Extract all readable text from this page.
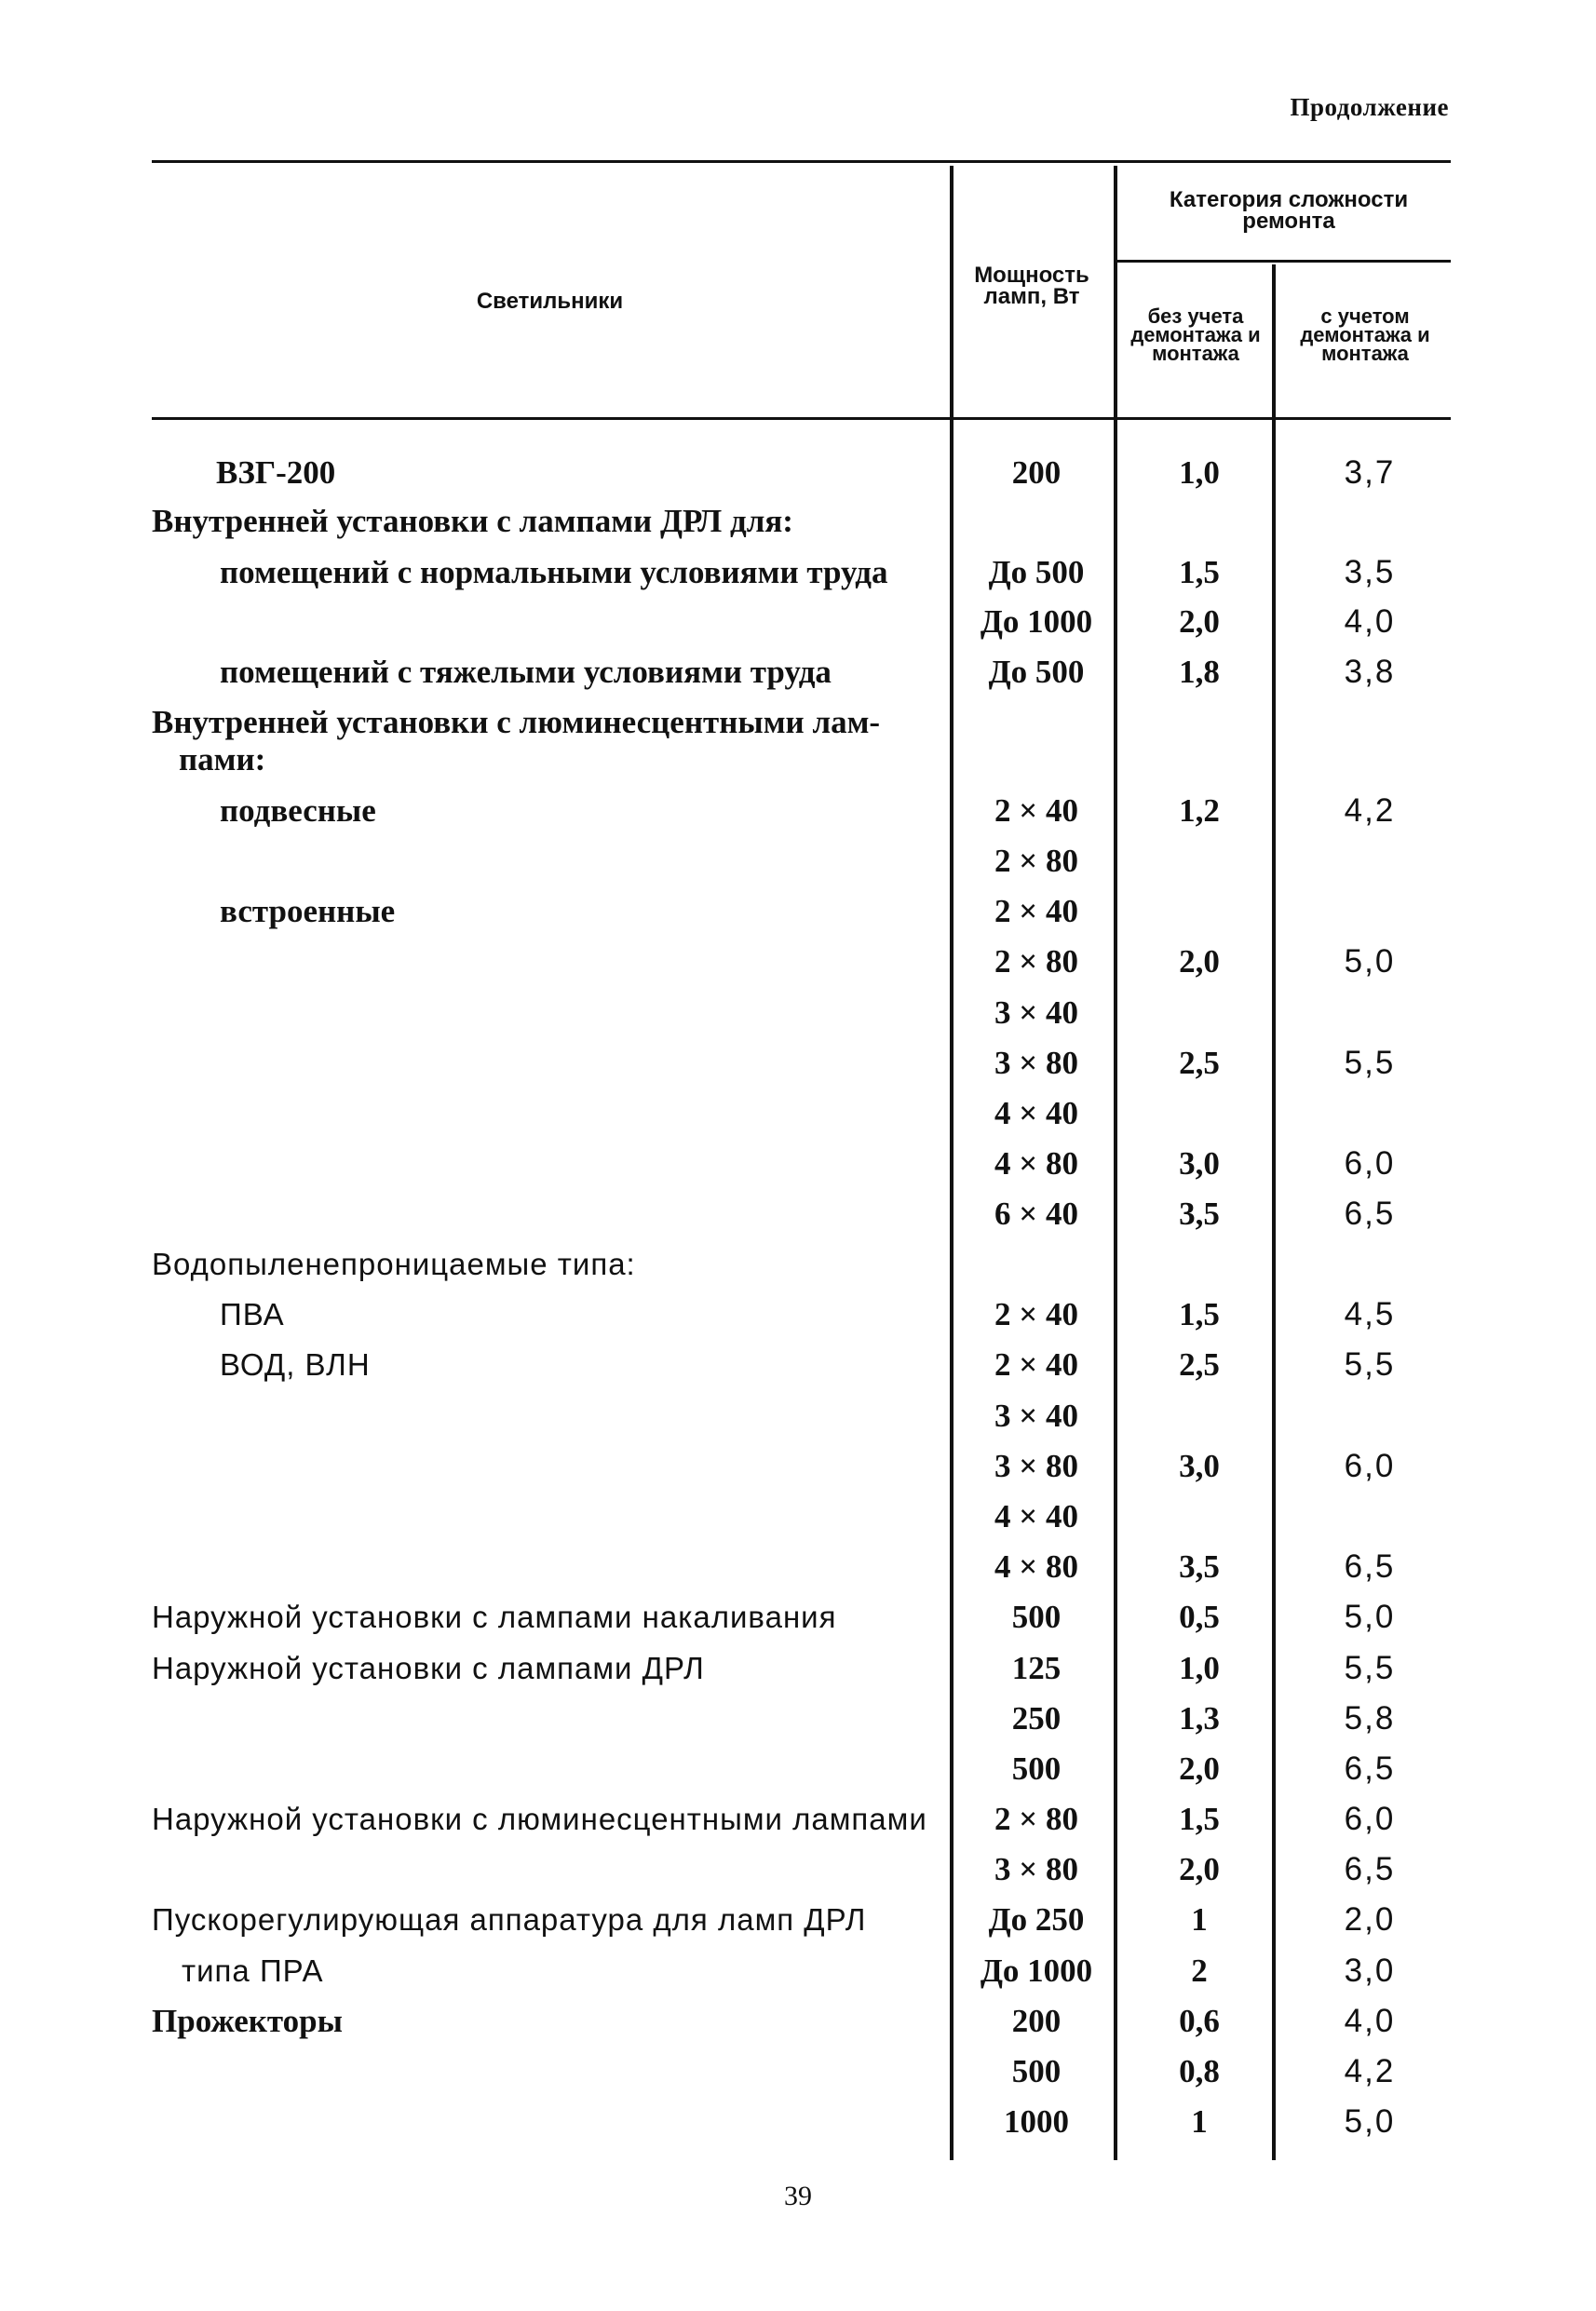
Продолжение
Светильники
Мощность ламп, Вт
Категория сложности ремонта
без учета демонтажа и монтажа
с учетом демонтажа и монтажа
ВЗГ-200	200	1,0	3,7
Внутренней установки с лампами ДРЛ для:
помещений с нормальными условиями труда	До 500	1,5	3,5
До 1000	2,0	4,0
помещений с тяжелыми условиями труда	До 500	1,8	3,8
Внутренней установки с люминесцентными лам-
пами:
подвесные	2 × 40	1,2	4,2
2 × 80
встроенные	2 × 40
2 × 80	2,0	5,0
3 × 40
3 × 80	2,5	5,5
4 × 40
4 × 80	3,0	6,0
6 × 40	3,5	6,5
Водопыленепроницаемые типа:
ПВА	2 × 40	1,5	4,5
ВОД, ВЛН	2 × 40	2,5	5,5
3 × 40
3 × 80	3,0	6,0
4 × 40
4 × 80	3,5	6,5
Наружной установки с лампами накаливания	500	0,5	5,0
Наружной установки с лампами ДРЛ	125	1,0	5,5
250	1,3	5,8
500	2,0	6,5
Наружной установки с люминесцентными лампами	2 × 80	1,5	6,0
3 × 80	2,0	6,5
Пускорегулирующая аппаратура для ламп ДРЛ	До 250	1	2,0
типа ПРА	До 1000	2	3,0
Прожекторы	200	0,6	4,0
500	0,8	4,2
1000	1	5,0
39
